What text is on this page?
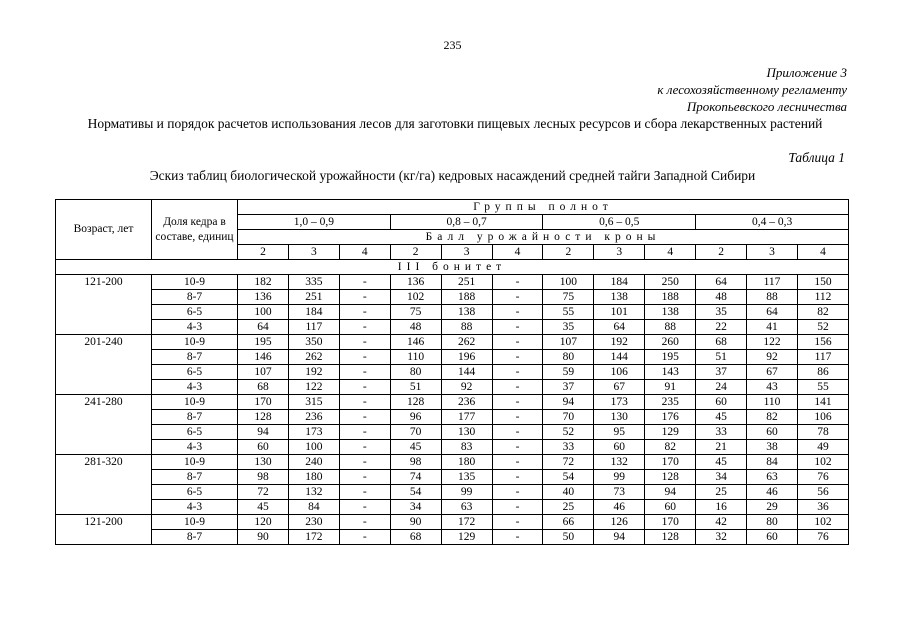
235
Приложение 3
к лесохозяйственному регламенту
Прокопьевского лесничества
Нормативы и порядок расчетов использования лесов для заготовки пищевых лесных ресурсов и сбора лекарственных растений
Таблица 1
Эскиз таблиц биологической урожайности (кг/га) кедровых насаждений средней тайги Западной Сибири
Возраст, лет	Доля кедра в составе, единиц	Группы полнот											
		1,0 – 0,9			0,8 – 0,7			0,6 – 0,5			0,4 – 0,3		
		Балл урожайности кроны											
		2	3	4	2	3	4	2	3	4	2	3	4
III бонитет													
121-200	10-9	182	335	-	136	251	-	100	184	250	64	117	150
	8-7	136	251	-	102	188	-	75	138	188	48	88	112
	6-5	100	184	-	75	138	-	55	101	138	35	64	82
	4-3	64	117	-	48	88	-	35	64	88	22	41	52
201-240	10-9	195	350	-	146	262	-	107	192	260	68	122	156
	8-7	146	262	-	110	196	-	80	144	195	51	92	117
	6-5	107	192	-	80	144	-	59	106	143	37	67	86
	4-3	68	122	-	51	92	-	37	67	91	24	43	55
241-280	10-9	170	315	-	128	236	-	94	173	235	60	110	141
	8-7	128	236	-	96	177	-	70	130	176	45	82	106
	6-5	94	173	-	70	130	-	52	95	129	33	60	78
	4-3	60	100	-	45	83	-	33	60	82	21	38	49
281-320	10-9	130	240	-	98	180	-	72	132	170	45	84	102
	8-7	98	180	-	74	135	-	54	99	128	34	63	76
	6-5	72	132	-	54	99	-	40	73	94	25	46	56
	4-3	45	84	-	34	63	-	25	46	60	16	29	36
121-200	10-9	120	230	-	90	172	-	66	126	170	42	80	102
	8-7	90	172	-	68	129	-	50	94	128	32	60	76
